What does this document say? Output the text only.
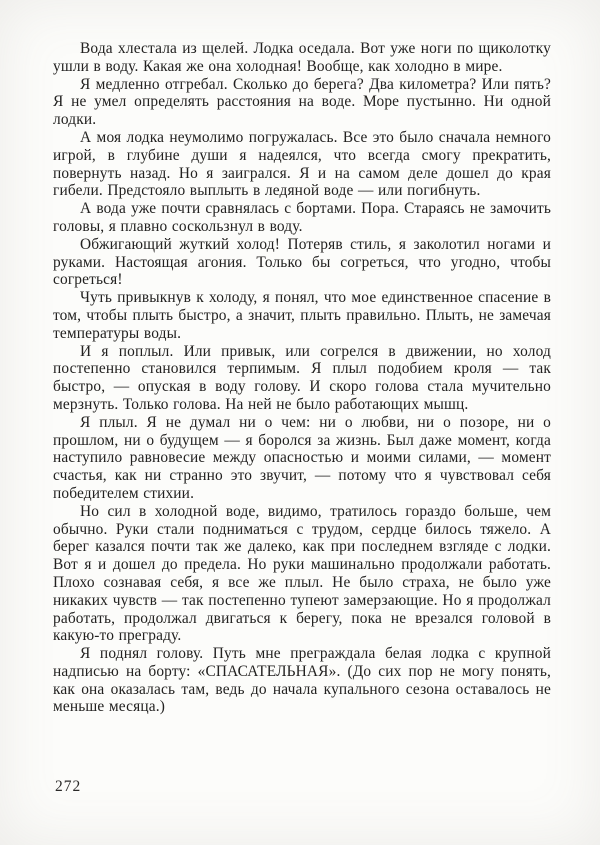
Вода хлестала из щелей. Лодка оседала. Вот уже ноги по щиколотку ушли в воду. Какая же она холодная! Вообще, как холодно в мире.

Я медленно отгребал. Сколько до берега? Два километра? Или пять? Я не умел определять расстояния на воде. Море пустынно. Ни одной лодки.

А моя лодка неумолимо погружалась. Все это было сначала немного игрой, в глубине души я надеялся, что всегда смогу прекратить, повернуть назад. Но я заигрался. Я и на самом деле дошел до края гибели. Предстояло выплыть в ледяной воде — или погибнуть.

А вода уже почти сравнялась с бортами. Пора. Стараясь не замочить головы, я плавно соскользнул в воду.

Обжигающий жуткий холод! Потеряв стиль, я заколотил ногами и руками. Настоящая агония. Только бы согреться, что угодно, чтобы согреться!

Чуть привыкнув к холоду, я понял, что мое единственное спасение в том, чтобы плыть быстро, а значит, плыть правильно. Плыть, не замечая температуры воды.

И я поплыл. Или привык, или согрелся в движении, но холод постепенно становился терпимым. Я плыл подобием кроля — так быстро, — опуская в воду голову. И скоро голова стала мучительно мерзнуть. Только голова. На ней не было работающих мышц.

Я плыл. Я не думал ни о чем: ни о любви, ни о позоре, ни о прошлом, ни о будущем — я боролся за жизнь. Был даже момент, когда наступило равновесие между опасностью и моими силами, — момент счастья, как ни странно это звучит, — потому что я чувствовал себя победителем стихии.

Но сил в холодной воде, видимо, тратилось гораздо больше, чем обычно. Руки стали подниматься с трудом, сердце билось тяжело. А берег казался почти так же далеко, как при последнем взгляде с лодки. Вот я и дошел до предела. Но руки машинально продолжали работать. Плохо сознавая себя, я все же плыл. Не было страха, не было уже никаких чувств — так постепенно тупеют замерзающие. Но я продолжал работать, продолжал двигаться к берегу, пока не врезался головой в какую-то преграду.

Я поднял голову. Путь мне преграждала белая лодка с крупной надписью на борту: «СПАСАТЕЛЬНАЯ». (До сих пор не могу понять, как она оказалась там, ведь до начала купального сезона оставалось не меньше месяца.)

272
